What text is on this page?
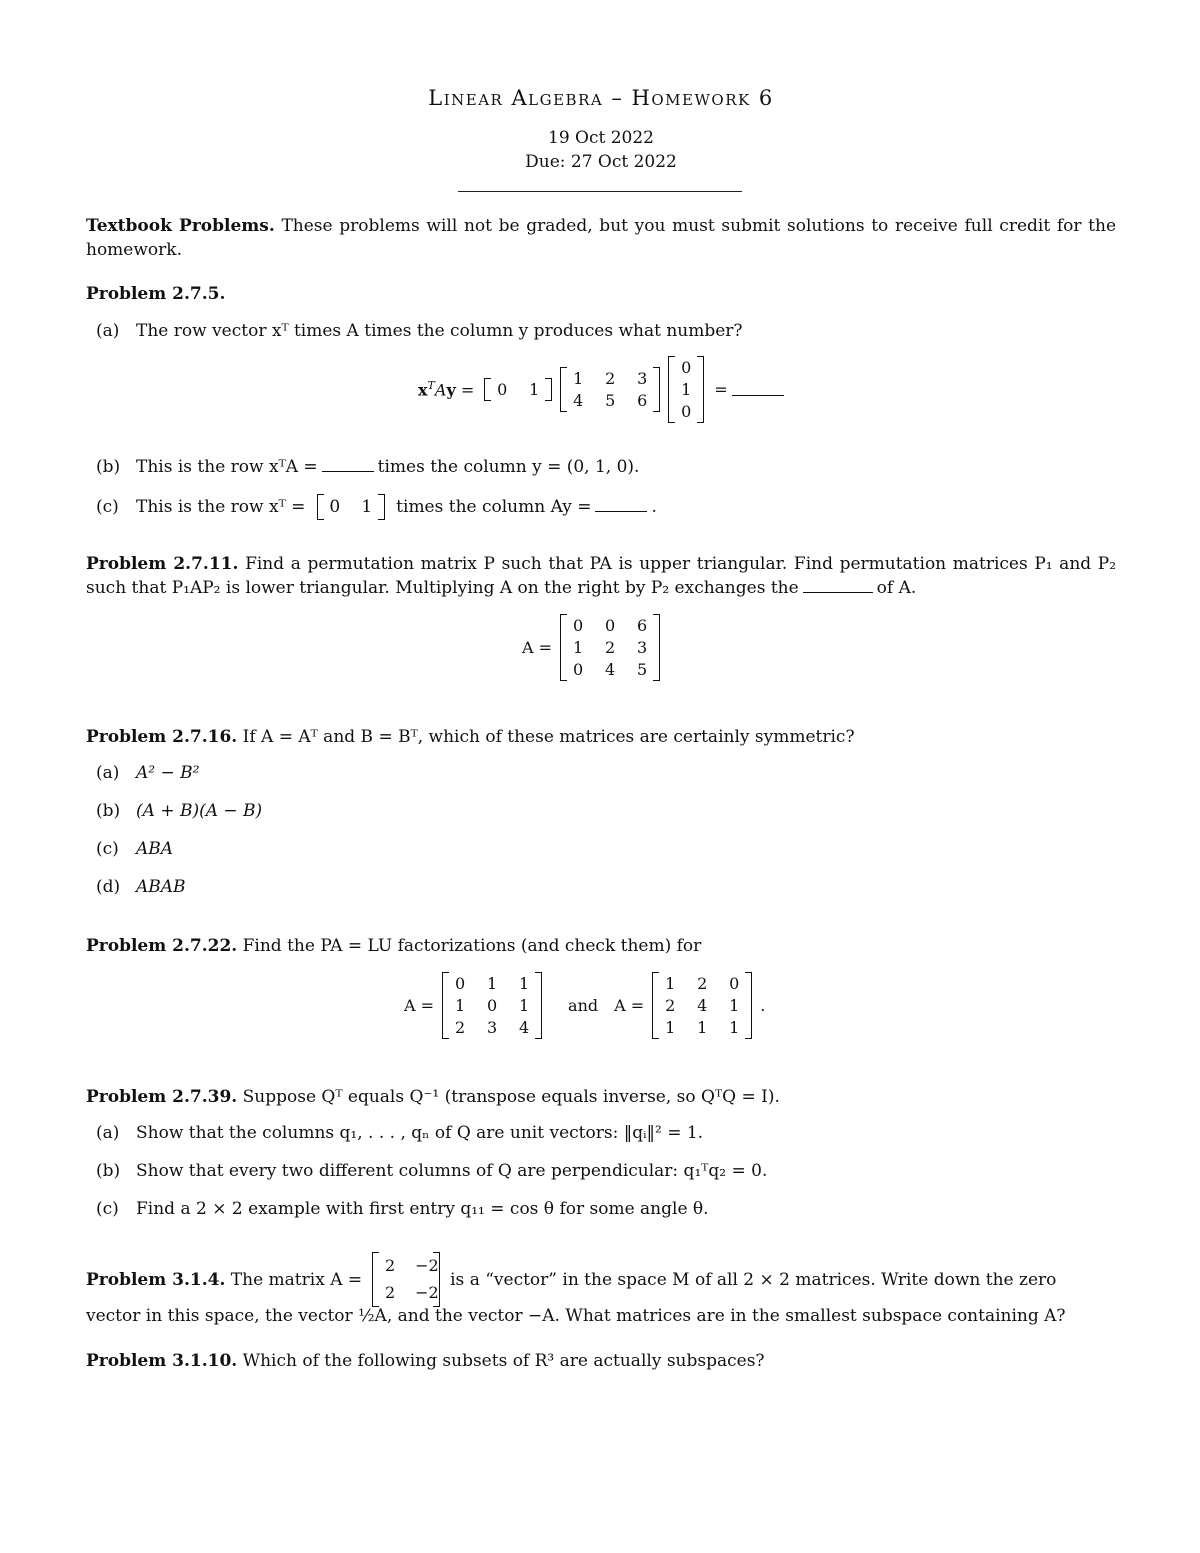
Linear Algebra – Homework 6
19 Oct 2022
Due: 27 Oct 2022
Textbook Problems. These problems will not be graded, but you must submit solutions to receive full credit for the homework.
Problem 2.7.5.
(a) The row vector xᵀ times A times the column y produces what number?
$x^TAy = 0$ 1
1 2 3
4 5 6
0
1
0
=
(b) This is the row xᵀA =	times the column y = (0, 1, 0).
(c) This is the row xᵀ = 0 1 times the column Ay =	.
Problem 2.7.11. Find a permutation matrix P such that PA is upper triangular. Find permutation matrices P₁ and P₂ such that P₁AP₂ is lower triangular. Multiplying A on the right by P₂ exchanges the	of A.
A =
0 0 6
1 2 3
0 4 5
Problem 2.7.16. If A = Aᵀ and B = Bᵀ, which of these matrices are certainly symmetric?
(a) A² − B²
(b) (A + B)(A − B)
(c) ABA
(d) ABAB
Problem 2.7.22. Find the PA = LU factorizations (and check them) for
A =
0 1 1
1 0 1
2 3 4
and A =
1 2 0
2 4 1
1 1 1
.
Problem 2.7.39. Suppose Qᵀ equals Q⁻¹ (transpose equals inverse, so QᵀQ = I).
(a) Show that the columns q₁, . . . , qₙ of Q are unit vectors: ‖qᵢ‖² = 1.
(b) Show that every two different columns of Q are perpendicular: q₁ᵀq₂ = 0.
(c) Find a 2 × 2 example with first entry q₁₁ = cos θ for some angle θ.
Problem 3.1.4.
The matrix A =
2 −2
2 −2
is a “vector” in the space M of all 2 × 2 matrices. Write down the zero
vector in this space, the vector ½A, and the vector −A. What matrices are in the smallest subspace containing A?
Problem 3.1.10. Which of the following subsets of R³ are actually subspaces?
